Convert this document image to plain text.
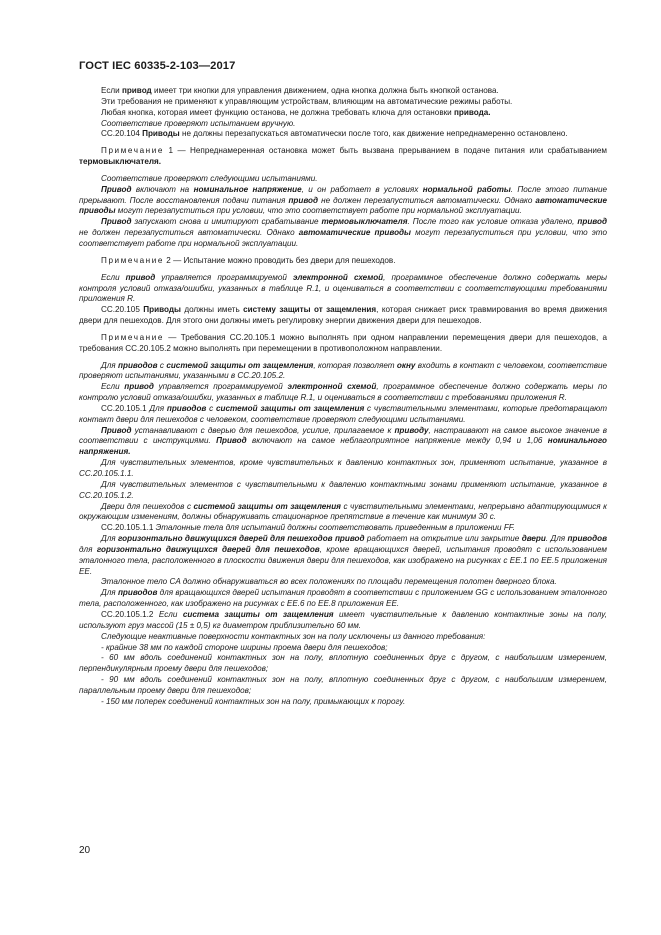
ГОСТ IEC 60335-2-103—2017

Если привод имеет три кнопки для управления движением, одна кнопка должна быть кнопкой останова.

Эти требования не применяют к управляющим устройствам, влияющим на автоматические режимы работы.

Любая кнопка, которая имеет функцию останова, не должна требовать ключа для остановки привода.

Соответствие проверяют испытанием вручную.

CC.20.104 Приводы не должны перезапускаться автоматически после того, как движение непреднамеренно остановлено.

Примечание 1 — Непреднамеренная остановка может быть вызвана прерыванием в подаче питания или срабатыванием термовыключателя.

Соответствие проверяют следующими испытаниями.

Привод включают на номинальное напряжение, и он работает в условиях нормальной работы. После этого питание прерывают. После восстановления подачи питания привод не должен перезапуститься автоматически. Однако автоматические приводы могут перезапуститься при условии, что это соответствует работе при нормальной эксплуатации.

Привод запускают снова и имитируют срабатывание термовыключателя. После того как условие отказа удалено, привод не должен перезапуститься автоматически. Однако автоматические приводы могут перезапуститься при условии, что это соответствует работе при нормальной эксплуатации.

Примечание 2 — Испытание можно проводить без двери для пешеходов.

Если привод управляется программируемой электронной схемой, программное обеспечение должно содержать меры контроля условий отказа/ошибки, указанных в таблице R.1, и оцениваться в соответствии с соответствующими требованиями приложения R.

CC.20.105 Приводы должны иметь систему защиты от защемления, которая снижает риск травмирования во время движения двери для пешеходов. Для этого они должны иметь регулировку энергии движения двери для пешеходов.

Примечание — Требования CC.20.105.1 можно выполнять при одном направлении перемещения двери для пешеходов, а требования CC.20.105.2 можно выполнять при перемещении в противоположном направлении.

Для приводов с системой защиты от защемления, которая позволяет окну входить в контакт с человеком, соответствие проверяют испытаниями, указанными в CC.20.105.2.

Если привод управляется программируемой электронной схемой, программное обеспечение должно содержать меры по контролю условий отказа/ошибки, указанных в таблице R.1, и оцениваться в соответствии с требованиями приложения R.

CC.20.105.1 Для приводов с системой защиты от защемления с чувствительными элементами, которые предотвращают контакт двери для пешеходов с человеком, соответствие проверяют следующими испытаниями.

Привод устанавливают с дверью для пешеходов, усилие, прилагаемое к приводу, настраивают на самое высокое значение в соответствии с инструкциями. Привод включают на самое неблагоприятное напряжение между 0,94 и 1,06 номинального напряжения.

Для чувствительных элементов, кроме чувствительных к давлению контактных зон, применяют испытание, указанное в CC.20.105.1.1.

Для чувствительных элементов с чувствительными к давлению контактными зонами применяют испытание, указанное в CC.20.105.1.2.

Двери для пешеходов с системой защиты от защемления с чувствительными элементами, непрерывно адаптирующимися к окружающим изменениям, должны обнаруживать стационарное препятствие в течение как минимум 30 с.

CC.20.105.1.1 Эталонные тела для испытаний должны соответствовать приведенным в приложении FF.

Для горизонтально движущихся дверей для пешеходов привод работает на открытие или закрытие двери. Для приводов для горизонтально движущихся дверей для пешеходов, кроме вращающихся дверей, испытания проводят с использованием эталонного тела, расположенного в плоскости движения двери для пешеходов, как изображено на рисунках с EE.1 по EE.5 приложения EE.

Эталонное тело CA должно обнаруживаться во всех положениях по площади перемещения полотен дверного блока.

Для приводов для вращающихся дверей испытания проводят в соответствии с приложением GG с использованием эталонного тела, расположенного, как изображено на рисунках с EE.6 по EE.8 приложения EE.

CC.20.105.1.2 Если система защиты от защемления имеет чувствительные к давлению контактные зоны на полу, используют груз массой (15 ± 0,5) кг диаметром приблизительно 60 мм.

Следующие неактивные поверхности контактных зон на полу исключены из данного требования:

- крайние 38 мм по каждой стороне ширины проема двери для пешеходов;

- 60 мм вдоль соединений контактных зон на полу, вплотную соединенных друг с другом, с наибольшим измерением, перпендикулярным проему двери для пешеходов;

- 90 мм вдоль соединений контактных зон на полу, вплотную соединенных друг с другом, с наибольшим измерением, параллельным проему двери для пешеходов;

- 150 мм поперек соединений контактных зон на полу, примыкающих к порогу.

20
